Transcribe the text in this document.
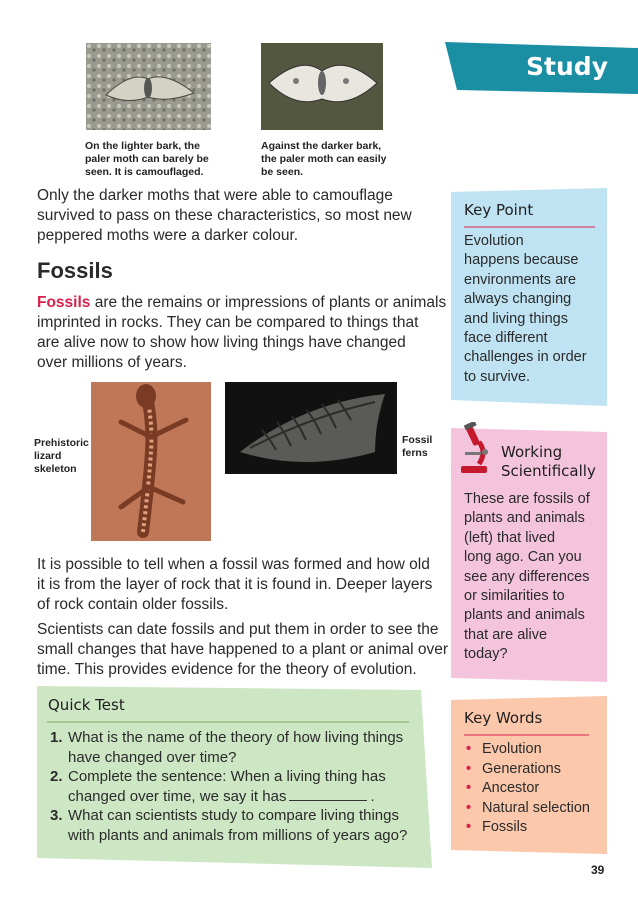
Study
On the lighter bark, the
paler moth can barely be
seen. It is camouflaged.
Against the darker bark,
the paler moth can easily
be seen.
Only the darker moths that were able to camouflage
survived to pass on these characteristics, so most new
peppered moths were a darker colour.
Fossils
Fossils are the remains or impressions of plants or animals
imprinted in rocks. They can be compared to things that
are alive now to show how living things have changed
over millions of years.
Prehistoric
lizard
skeleton
Fossil
ferns
It is possible to tell when a fossil was formed and how old
it is from the layer of rock that it is found in. Deeper layers
of rock contain older fossils.
Scientists can date fossils and put them in order to see the
small changes that have happened to a plant or animal over
time. This provides evidence for the theory of evolution.
Key Point
Evolution
happens because
environments are
always changing
and living things
face different
challenges in order
to survive.
Working
Scientifically
These are fossils of
plants and animals
(left) that lived
long ago. Can you
see any differences
or similarities to
plants and animals
that are alive
today?
Quick Test
1. What is the name of the theory of how living things
have changed over time?
2. Complete the sentence: When a living thing has
changed over time, we say it has	.
3. What can scientists study to compare living things
with plants and animals from millions of years ago?
Key Words
• Evolution
• Generations
• Ancestor
• Natural selection
• Fossils
39
